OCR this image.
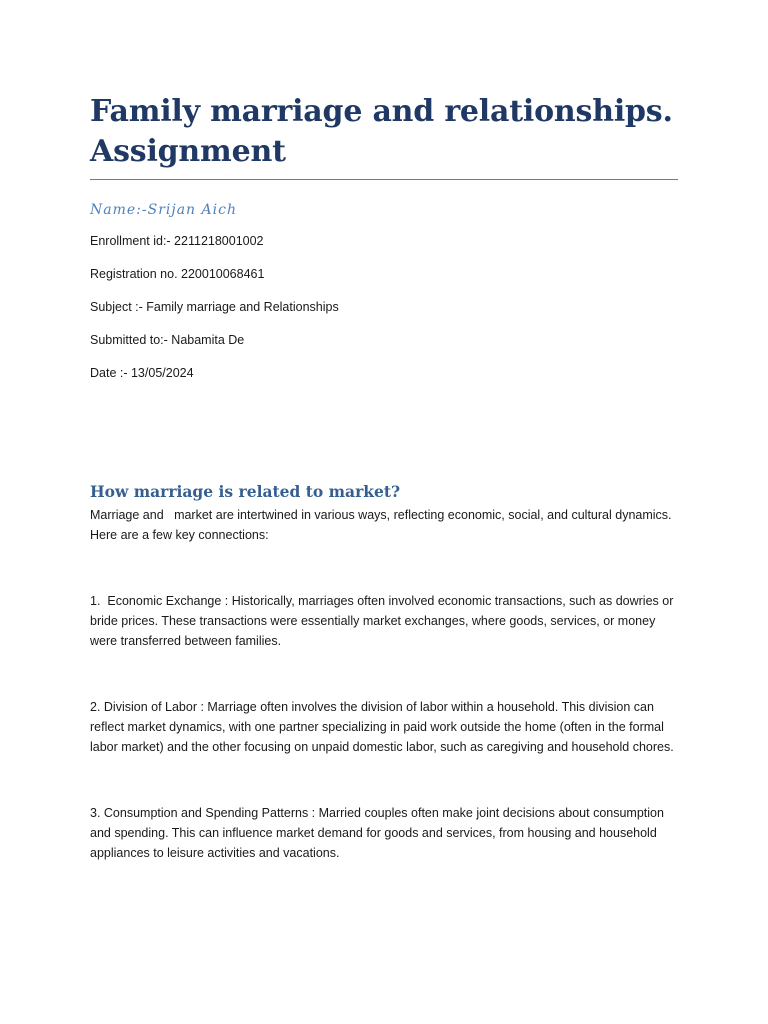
Family marriage and relationships.
Assignment
Name:-Srijan Aich

Enrollment id:- 2211218001002

Registration no. 220010068461

Subject :- Family marriage and Relationships

Submitted to:- Nabamita De

Date :- 13/05/2024

How marriage is related to market?

Marriage and   market are intertwined in various ways, reflecting economic, social, and cultural dynamics. Here are a few key connections:

1.  Economic Exchange : Historically, marriages often involved economic transactions, such as dowries or bride prices. These transactions were essentially market exchanges, where goods, services, or money were transferred between families.

2. Division of Labor : Marriage often involves the division of labor within a household. This division can reflect market dynamics, with one partner specializing in paid work outside the home (often in the formal labor market) and the other focusing on unpaid domestic labor, such as caregiving and household chores.

3. Consumption and Spending Patterns : Married couples often make joint decisions about consumption and spending. This can influence market demand for goods and services, from housing and household appliances to leisure activities and vacations.
